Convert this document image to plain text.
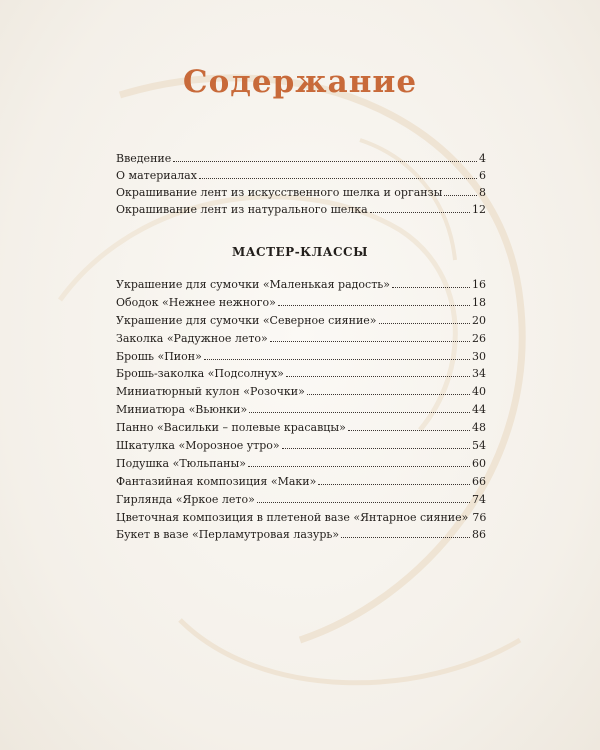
Содержание
Введение	4
О материалах	6
Окрашивание лент из искусственного шелка и органзы	8
Окрашивание лент из натурального шелка	12
МАСТЕР-КЛАССЫ
Украшение для сумочки «Маленькая радость»	16
Ободок «Нежнее нежного»	18
Украшение для сумочки «Северное сияние»	20
Заколка «Радужное лето»	26
Брошь «Пион»	30
Брошь-заколка «Подсолнух»	34
Миниатюрный кулон «Розочки»	40
Миниатюра «Вьюнки»	44
Панно «Васильки – полевые красавцы»	48
Шкатулка «Морозное утро»	54
Подушка «Тюльпаны»	60
Фантазийная композиция «Маки»	66
Гирлянда «Яркое лето»	74
Цветочная композиция в плетеной вазе «Янтарное сияние» 76
Букет в вазе «Перламутровая лазурь»	86
